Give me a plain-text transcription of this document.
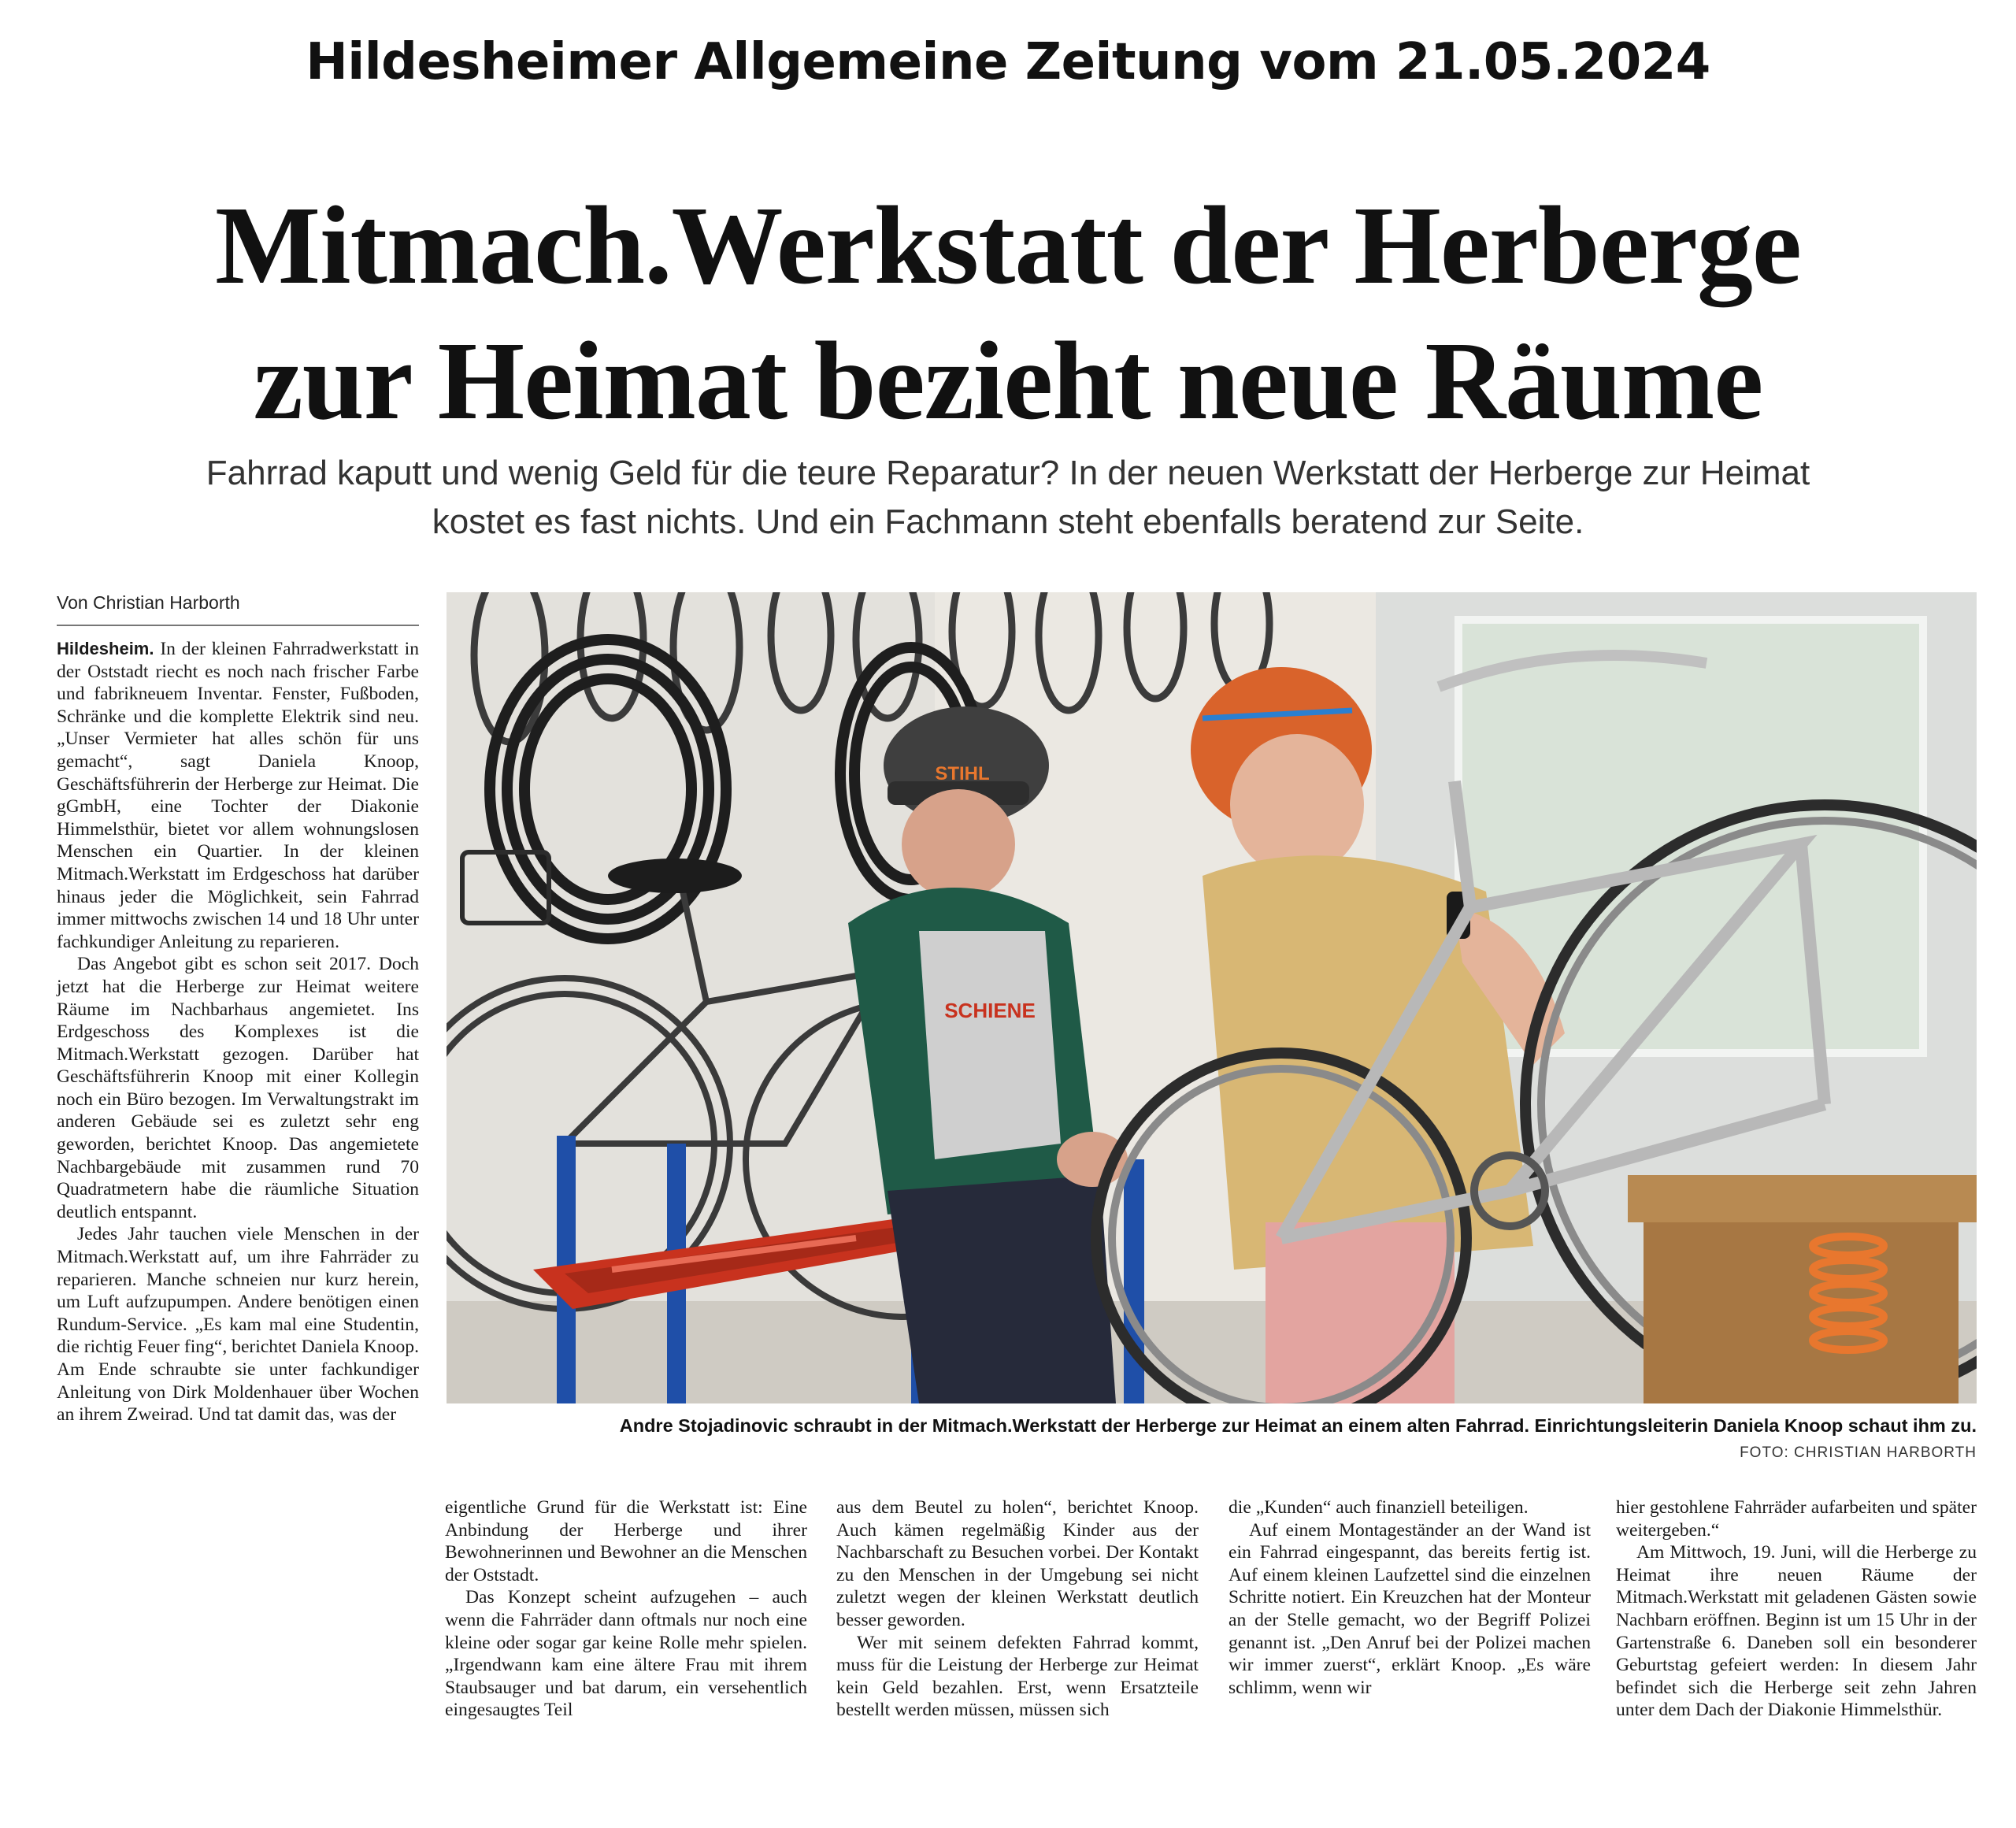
Hildesheimer Allgemeine Zeitung vom 21.05.2024
Mitmach.Werkstatt der Herberge
zur Heimat bezieht neue Räume
Fahrrad kaputt und wenig Geld für die teure Reparatur? In der neuen Werkstatt der Herberge zur Heimat
kostet es fast nichts. Und ein Fachmann steht ebenfalls beratend zur Seite.
Von Christian Harborth

Hildesheim. In der kleinen Fahrradwerkstatt in der Oststadt riecht es noch nach frischer Farbe und fabrikneuem Inventar. Fenster, Fußboden, Schränke und die komplette Elektrik sind neu. „Unser Vermieter hat alles schön für uns gemacht“, sagt Daniela Knoop, Geschäftsführerin der Herberge zur Heimat. Die gGmbH, eine Tochter der Diakonie Himmelsthür, bietet vor allem wohnungslosen Menschen ein Quartier. In der kleinen Mitmach.Werkstatt im Erdgeschoss hat darüber hinaus jeder die Möglichkeit, sein Fahrrad immer mittwochs zwischen 14 und 18 Uhr unter fachkundiger Anleitung zu reparieren.

Das Angebot gibt es schon seit 2017. Doch jetzt hat die Herberge zur Heimat weitere Räume im Nachbarhaus angemietet. Ins Erdgeschoss des Komplexes ist die Mitmach.Werkstatt gezogen. Darüber hat Geschäftsführerin Knoop mit einer Kollegin noch ein Büro bezogen. Im Verwaltungstrakt im anderen Gebäude sei es zuletzt sehr eng geworden, berichtet Knoop. Das angemietete Nachbargebäude mit zusammen rund 70 Quadratmetern habe die räumliche Situation deutlich entspannt.

Jedes Jahr tauchen viele Menschen in der Mitmach.Werkstatt auf, um ihre Fahrräder zu reparieren. Manche schneien nur kurz herein, um Luft aufzupumpen. Andere benötigen einen Rundum-Service. „Es kam mal eine Studentin, die richtig Feuer fing“, berichtet Daniela Knoop. Am Ende schraubte sie unter fachkundiger Anleitung von Dirk Moldenhauer über Wochen an ihrem Zweirad. Und tat damit das, was der

STIHL
SCHIENE
Andre Stojadinovic schraubt in der Mitmach.Werkstatt der Herberge zur Heimat an einem alten Fahrrad. Einrichtungsleiterin Daniela Knoop schaut ihm zu.
FOTO: CHRISTIAN HARBORTH

eigentliche Grund für die Werkstatt ist: Eine Anbindung der Herberge und ihrer Bewohnerinnen und Bewohner an die Menschen der Oststadt.

Das Konzept scheint aufzugehen – auch wenn die Fahrräder dann oftmals nur noch eine kleine oder sogar gar keine Rolle mehr spielen. „Irgendwann kam eine ältere Frau mit ihrem Staubsauger und bat darum, ein versehentlich eingesaugtes Teil

aus dem Beutel zu holen“, berichtet Knoop. Auch kämen regelmäßig Kinder aus der Nachbarschaft zu Besuchen vorbei. Der Kontakt zu den Menschen in der Umgebung sei nicht zuletzt wegen der kleinen Werkstatt deutlich besser geworden.

Wer mit seinem defekten Fahrrad kommt, muss für die Leistung der Herberge zur Heimat kein Geld bezahlen. Erst, wenn Ersatzteile bestellt werden müssen, müssen sich

die „Kunden“ auch finanziell beteiligen.

Auf einem Montageständer an der Wand ist ein Fahrrad eingespannt, das bereits fertig ist. Auf einem kleinen Laufzettel sind die einzelnen Schritte notiert. Ein Kreuzchen hat der Monteur an der Stelle gemacht, wo der Begriff Polizei genannt ist. „Den Anruf bei der Polizei machen wir immer zuerst“, erklärt Knoop. „Es wäre schlimm, wenn wir

hier gestohlene Fahrräder aufarbeiten und später weitergeben.“

Am Mittwoch, 19. Juni, will die Herberge zu Heimat ihre neuen Räume der Mitmach.Werkstatt mit geladenen Gästen sowie Nachbarn eröffnen. Beginn ist um 15 Uhr in der Gartenstraße 6. Daneben soll ein besonderer Geburtstag gefeiert werden: In diesem Jahr befindet sich die Herberge seit zehn Jahren unter dem Dach der Diakonie Himmelsthür.
